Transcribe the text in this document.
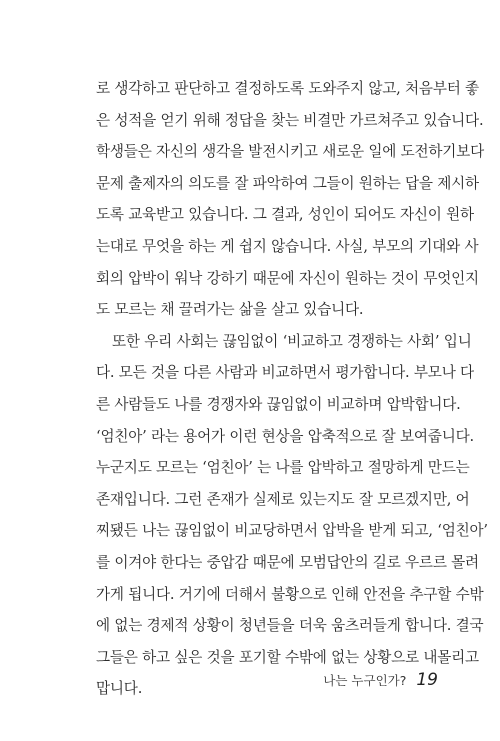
로 생각하고 판단하고 결정하도록 도와주지 않고, 처음부터 좋
은 성적을 얻기 위해 정답을 찾는 비결만 가르쳐주고 있습니다.
학생들은 자신의 생각을 발전시키고 새로운 일에 도전하기보다
문제 출제자의 의도를 잘 파악하여 그들이 원하는 답을 제시하
도록 교육받고 있습니다. 그 결과, 성인이 되어도 자신이 원하
는대로 무엇을 하는 게 쉽지 않습니다. 사실, 부모의 기대와 사
회의 압박이 워낙 강하기 때문에 자신이 원하는 것이 무엇인지
도 모르는 채 끌려가는 삶을 살고 있습니다.
또한 우리 사회는 끊임없이 ‘비교하고 경쟁하는 사회’ 입니
다. 모든 것을 다른 사람과 비교하면서 평가합니다. 부모나 다
른 사람들도 나를 경쟁자와 끊임없이 비교하며 압박합니다.
‘엄친아’ 라는 용어가 이런 현상을 압축적으로 잘 보여줍니다.
누군지도 모르는 ‘엄친아’ 는 나를 압박하고 절망하게 만드는
존재입니다. 그런 존재가 실제로 있는지도 잘 모르겠지만, 어
찌됐든 나는 끊임없이 비교당하면서 압박을 받게 되고, ‘엄친아’
를 이겨야 한다는 중압감 때문에 모범답안의 길로 우르르 몰려
가게 됩니다. 거기에 더해서 불황으로 인해 안전을 추구할 수밖
에 없는 경제적 상황이 청년들을 더욱 움츠러들게 합니다. 결국
그들은 하고 싶은 것을 포기할 수밖에 없는 상황으로 내몰리고
맙니다.	나는 누구인가? 19
